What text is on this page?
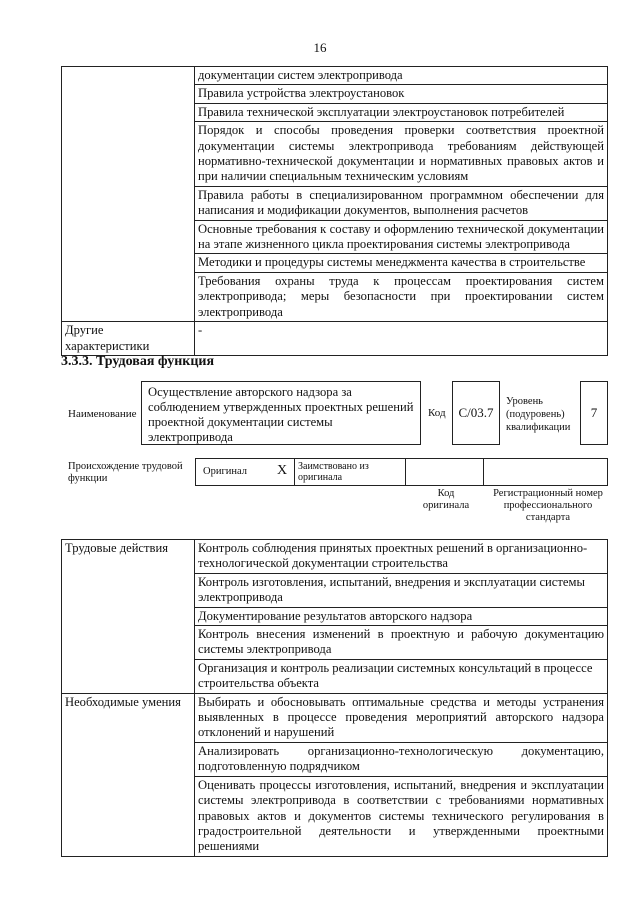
16
	документации систем электропривода
	Правила устройства электроустановок
	Правила технической эксплуатации электроустановок потребителей
	Порядок и способы проведения проверки соответствия проектной документации системы электропривода требованиям действующей нормативно-технической документации и нормативных правовых актов и при наличии специальным техническим условиям
	Правила работы в специализированном программном обеспечении для написания и модификации документов, выполнения расчетов
	Основные требования к составу и оформлению технической документации на этапе жизненного цикла проектирования системы электропривода
	Методики и процедуры системы менеджмента качества в строительстве
	Требования охраны труда к процессам проектирования систем электропривода; меры безопасности при проектировании систем электропривода
Другие характеристики	-
3.3.3. Трудовая функция
Наименование
Осуществление авторского надзора за соблюдением утвержденных проектных решений проектной документации системы электропривода
Код С/03.7
Уровень (подуровень) квалификации
7
Происхождение трудовой функции
Оригинал X Заимствовано из оригинала
Код оригинала
Регистрационный номер профессионального стандарта
Трудовые действия	Контроль соблюдения принятых проектных решений в организационно-технологической документации строительства
	Контроль изготовления, испытаний, внедрения и эксплуатации системы электропривода
	Документирование результатов авторского надзора
	Контроль внесения изменений в проектную и рабочую документацию системы электропривода
	Организация и контроль реализации системных консультаций в процессе строительства объекта
Необходимые умения	Выбирать и обосновывать оптимальные средства и методы устранения выявленных в процессе проведения мероприятий авторского надзора отклонений и нарушений
	Анализировать организационно-технологическую документацию, подготовленную подрядчиком
	Оценивать процессы изготовления, испытаний, внедрения и эксплуатации системы электропривода в соответствии с требованиями нормативных правовых актов и документов системы технического регулирования в градостроительной деятельности и утвержденными проектными решениями
